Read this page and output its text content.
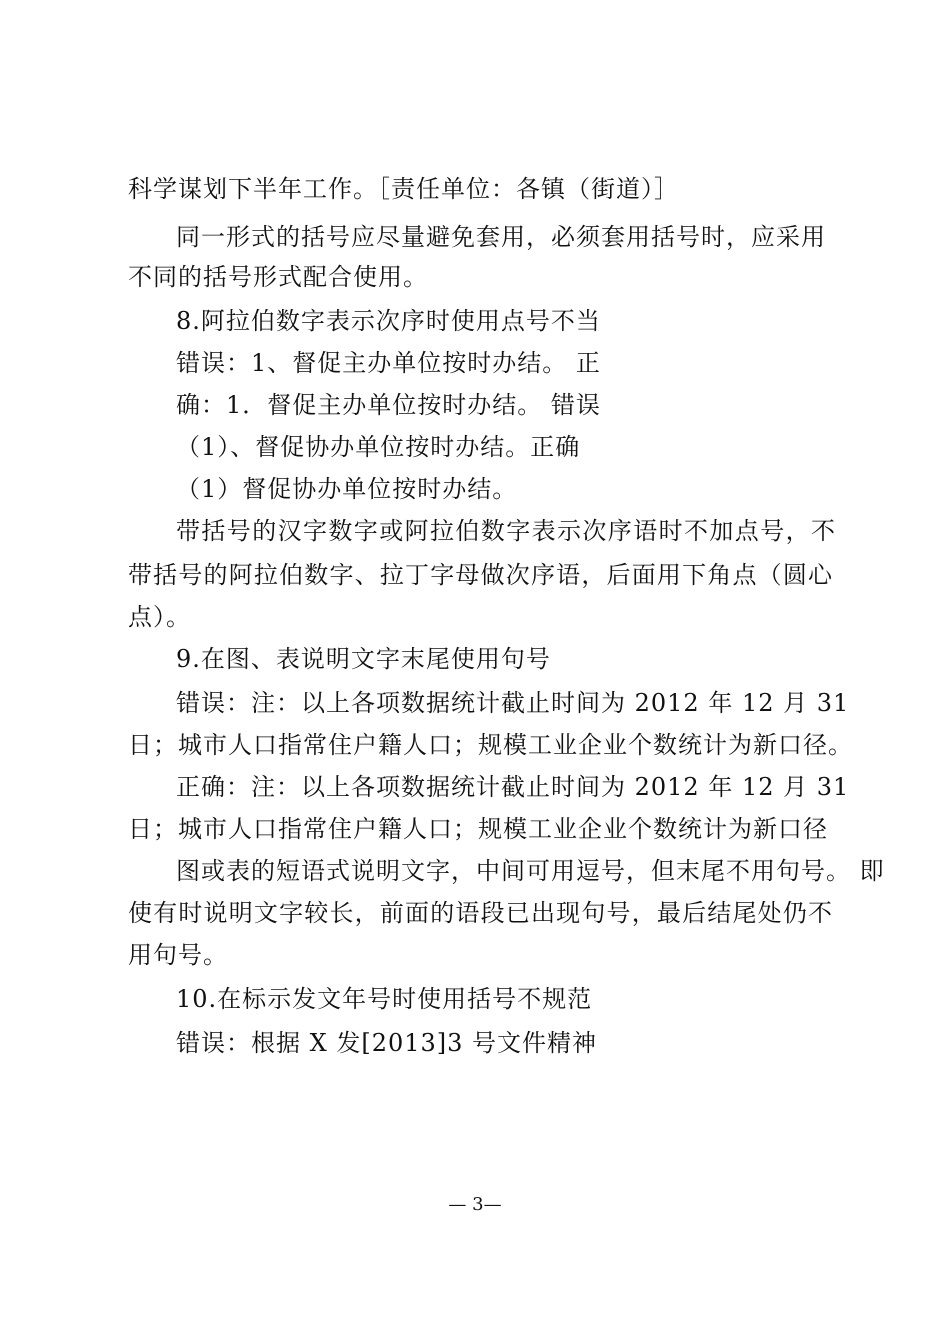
科学谋划下半年工作。［责任单位：各镇（街道）］
同一形式的括号应尽量避免套用，必须套用括号时，应采用
不同的括号形式配合使用。
8.阿拉伯数字表示次序时使用点号不当
错误：1、督促主办单位按时办结。 正
确：1．督促主办单位按时办结。 错误
（1）、督促协办单位按时办结。正确
（1）督促协办单位按时办结。
带括号的汉字数字或阿拉伯数字表示次序语时不加点号，不
带括号的阿拉伯数字、拉丁字母做次序语，后面用下角点（圆心
点）。
9.在图、表说明文字末尾使用句号
错误：注：以上各项数据统计截止时间为 2012 年 12 月 31
日；城市人口指常住户籍人口；规模工业企业个数统计为新口径。
正确：注：以上各项数据统计截止时间为 2012 年 12 月 31
日；城市人口指常住户籍人口；规模工业企业个数统计为新口径
图或表的短语式说明文字，中间可用逗号，但末尾不用句号。 即
使有时说明文字较长，前面的语段已出现句号，最后结尾处仍不
用句号。
10.在标示发文年号时使用括号不规范
错误：根据 X 发[2013]3 号文件精神
— 3—
